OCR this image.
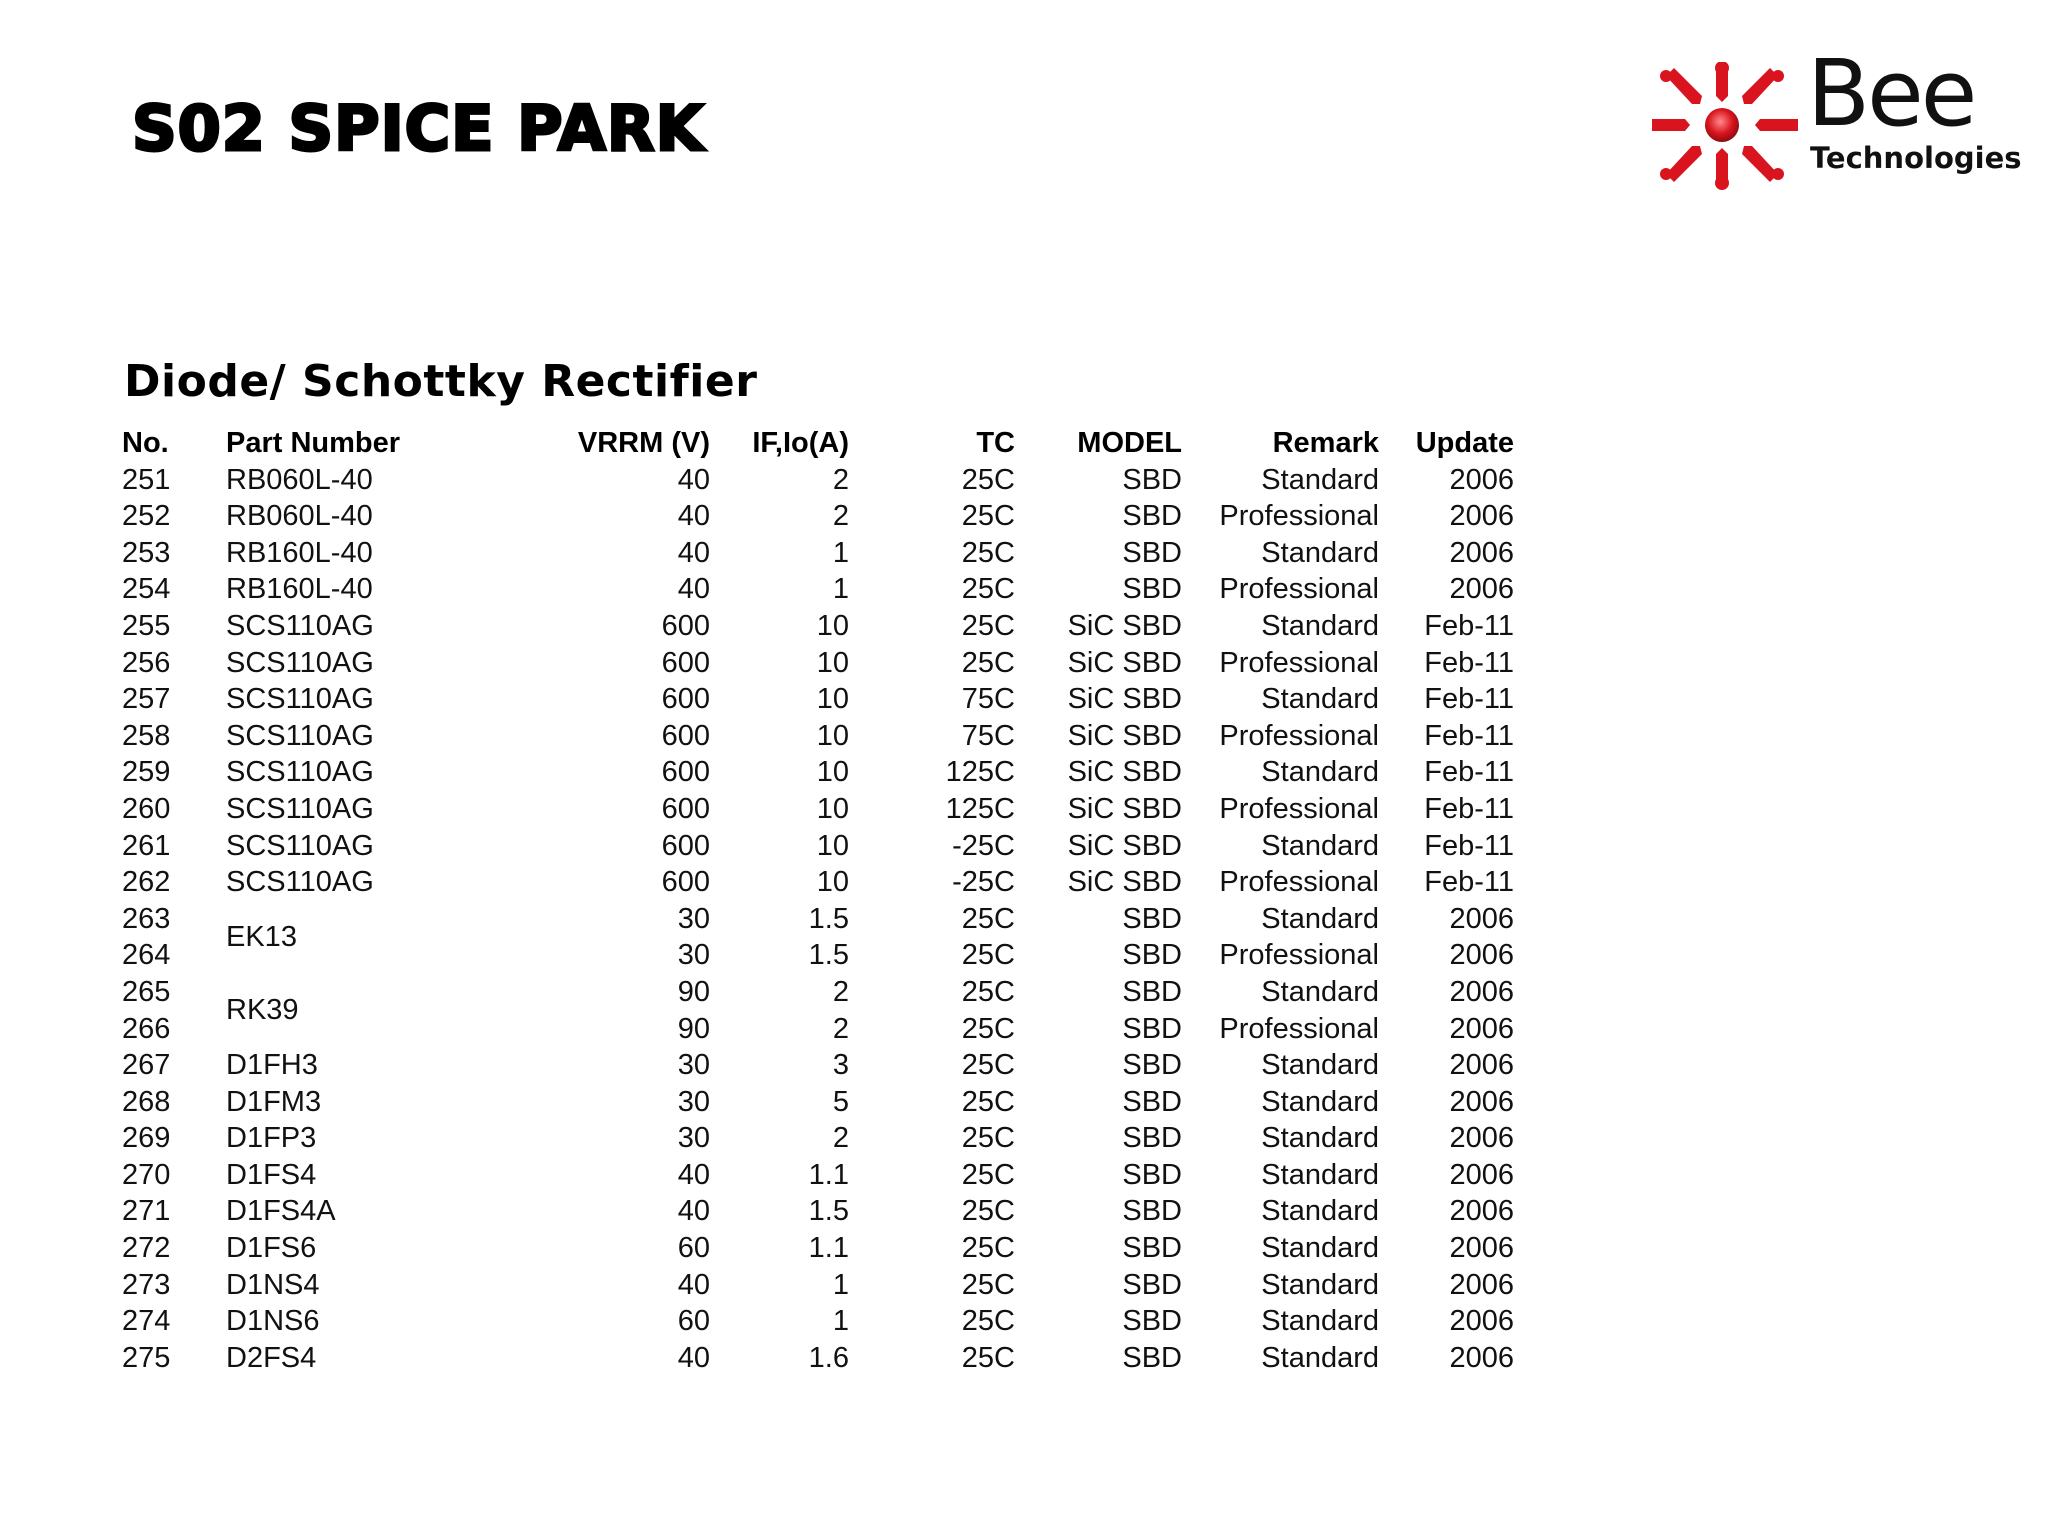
S02 SPICE PARK	Bee
Technologies
Diode/ Schottky Rectifier
No.	Part Number	VRRM (V)	IF,Io(A)	TC	MODEL	Remark	Update
251	RB060L-40	40	2	25C	SBD	Standard	2006
252	RB060L-40	40	2	25C	SBD	Professional	2006
253	RB160L-40	40	1	25C	SBD	Standard	2006
254	RB160L-40	40	1	25C	SBD	Professional	2006
255	SCS110AG	600	10	25C	SiC SBD	Standard	Feb-11
256	SCS110AG	600	10	25C	SiC SBD	Professional	Feb-11
257	SCS110AG	600	10	75C	SiC SBD	Standard	Feb-11
258	SCS110AG	600	10	75C	SiC SBD	Professional	Feb-11
259	SCS110AG	600	10	125C	SiC SBD	Standard	Feb-11
260	SCS110AG	600	10	125C	SiC SBD	Professional	Feb-11
261	SCS110AG	600	10	-25C	SiC SBD	Standard	Feb-11
262	SCS110AG	600	10	-25C	SiC SBD	Professional	Feb-11
263	EK13	30	1.5	25C	SBD	Standard	2006
264		30	1.5	25C	SBD	Professional	2006
265	RK39	90	2	25C	SBD	Standard	2006
266		90	2	25C	SBD	Professional	2006
267	D1FH3	30	3	25C	SBD	Standard	2006
268	D1FM3	30	5	25C	SBD	Standard	2006
269	D1FP3	30	2	25C	SBD	Standard	2006
270	D1FS4	40	1.1	25C	SBD	Standard	2006
271	D1FS4A	40	1.5	25C	SBD	Standard	2006
272	D1FS6	60	1.1	25C	SBD	Standard	2006
273	D1NS4	40	1	25C	SBD	Standard	2006
274	D1NS6	60	1	25C	SBD	Standard	2006
275	D2FS4	40	1.6	25C	SBD	Standard	2006
